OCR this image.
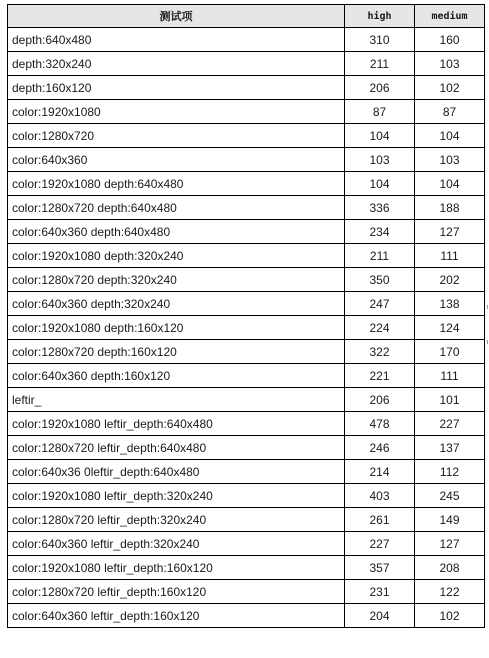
测试项	high	medium
depth:640x480	310	160
depth:320x240	211	103
depth:160x120	206	102
color:1920x1080	87	87
color:1280x720	104	104
color:640x360	103	103
color:1920x1080 depth:640x480	104	104
color:1280x720 depth:640x480	336	188
color:640x360 depth:640x480	234	127
color:1920x1080 depth:320x240	211	111
color:1280x720 depth:320x240	350	202
color:640x360 depth:320x240	247	138
color:1920x1080 depth:160x120	224	124
color:1280x720 depth:160x120	322	170
color:640x360 depth:160x120	221	111
leftir_	206	101
color:1920x1080 leftir_depth:640x480	478	227
color:1280x720 leftir_depth:640x480	246	137
color:640x36 0leftir_depth:640x480	214	112
color:1920x1080 leftir_depth:320x240	403	245
color:1280x720 leftir_depth:320x240	261	149
color:640x360 leftir_depth:320x240	227	127
color:1920x1080 leftir_depth:160x120	357	208
color:1280x720 leftir_depth:160x120	231	122
color:640x360 leftir_depth:160x120	204	102
